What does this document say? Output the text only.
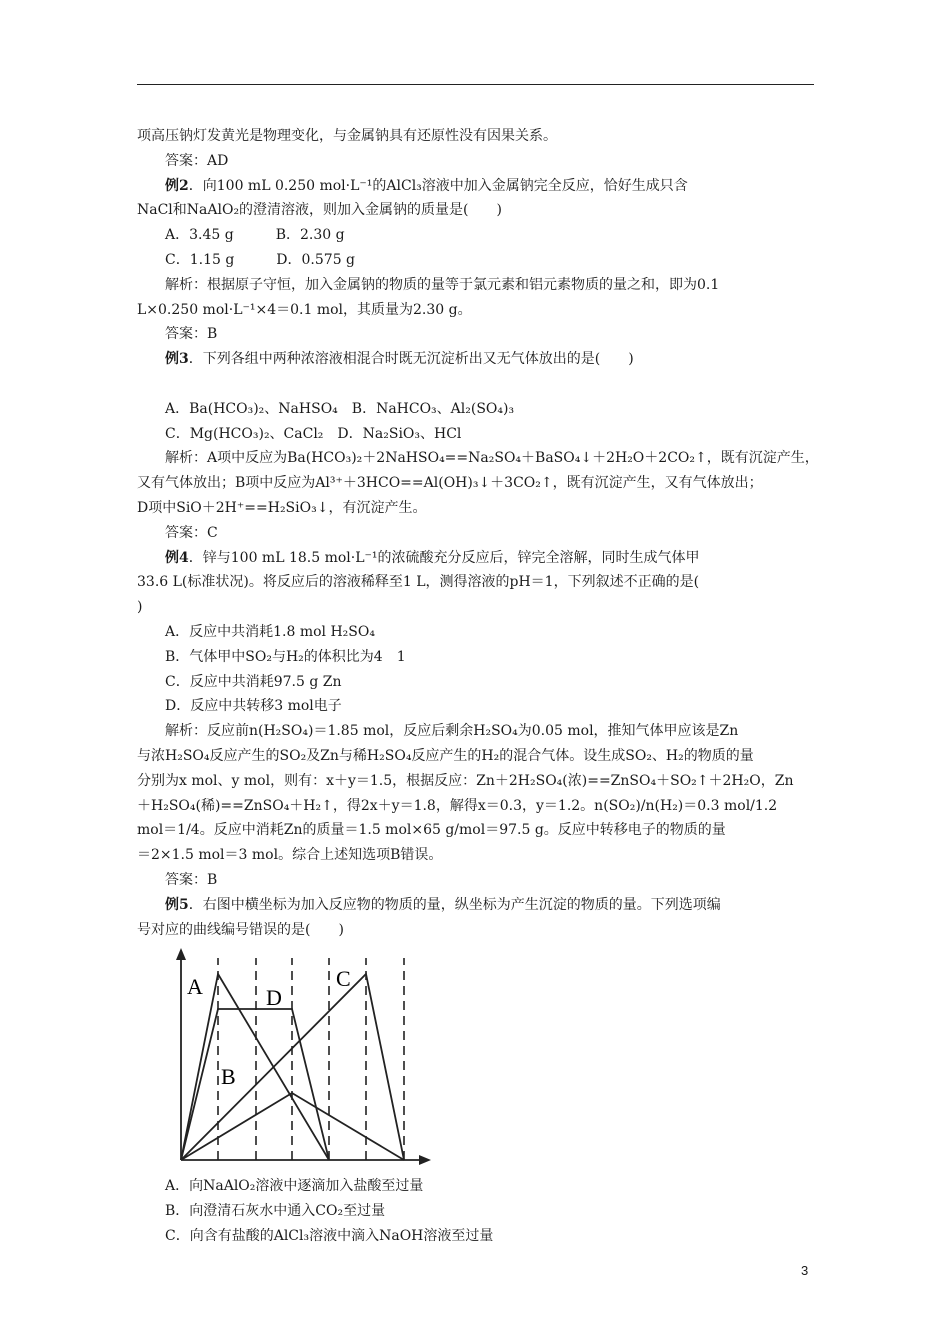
项高压钠灯发黄光是物理变化，与金属钠具有还原性没有因果关系。
答案：AD
例2．向100 mL 0.250 mol·L⁻¹的AlCl₃溶液中加入金属钠完全反应，恰好生成只含
NaCl和NaAlO₂的澄清溶液，则加入金属钠的质量是(　　)
A．3.45 g　　　B．2.30 g
C．1.15 g　　　D．0.575 g
解析：根据原子守恒，加入金属钠的物质的量等于氯元素和铝元素物质的量之和，即为0.1
L×0.250 mol·L⁻¹×4＝0.1 mol，其质量为2.30 g。
答案：B
例3．下列各组中两种浓溶液相混合时既无沉淀析出又无气体放出的是(　　)
A．Ba(HCO₃)₂、NaHSO₄　B．NaHCO₃、Al₂(SO₄)₃
C．Mg(HCO₃)₂、CaCl₂　D．Na₂SiO₃、HCl
解析：A项中反应为Ba(HCO₃)₂＋2NaHSO₄==Na₂SO₄＋BaSO₄↓＋2H₂O＋2CO₂↑，既有沉淀产生，
又有气体放出；B项中反应为Al³⁺＋3HCO==Al(OH)₃↓＋3CO₂↑，既有沉淀产生，又有气体放出；
D项中SiO＋2H⁺==H₂SiO₃↓，有沉淀产生。
答案：C
例4．锌与100 mL 18.5 mol·L⁻¹的浓硫酸充分反应后，锌完全溶解，同时生成气体甲
33.6 L(标准状况)。将反应后的溶液稀释至1 L，测得溶液的pH＝1，下列叙述不正确的是(
)
A．反应中共消耗1.8 mol H₂SO₄
B．气体甲中SO₂与H₂的体积比为4　1
C．反应中共消耗97.5 g Zn
D．反应中共转移3 mol电子
解析：反应前n(H₂SO₄)＝1.85 mol，反应后剩余H₂SO₄为0.05 mol，推知气体甲应该是Zn
与浓H₂SO₄反应产生的SO₂及Zn与稀H₂SO₄反应产生的H₂的混合气体。设生成SO₂、H₂的物质的量
分别为x mol、y mol，则有：x＋y＝1.5，根据反应：Zn＋2H₂SO₄(浓)==ZnSO₄＋SO₂↑＋2H₂O，Zn
＋H₂SO₄(稀)==ZnSO₄＋H₂↑，得2x＋y＝1.8，解得x＝0.3，y＝1.2。n(SO₂)/n(H₂)＝0.3 mol/1.2
mol＝1/4。反应中消耗Zn的质量＝1.5 mol×65 g/mol＝97.5 g。反应中转移电子的物质的量
＝2×1.5 mol＝3 mol。综合上述知选项B错误。
答案：B
例5．右图中横坐标为加入反应物的物质的量，纵坐标为产生沉淀的物质的量。下列选项编
号对应的曲线编号错误的是(　　)
A	D
C
B
A．向NaAlO₂溶液中逐滴加入盐酸至过量
B．向澄清石灰水中通入CO₂至过量
C．向含有盐酸的AlCl₃溶液中滴入NaOH溶液至过量
3
